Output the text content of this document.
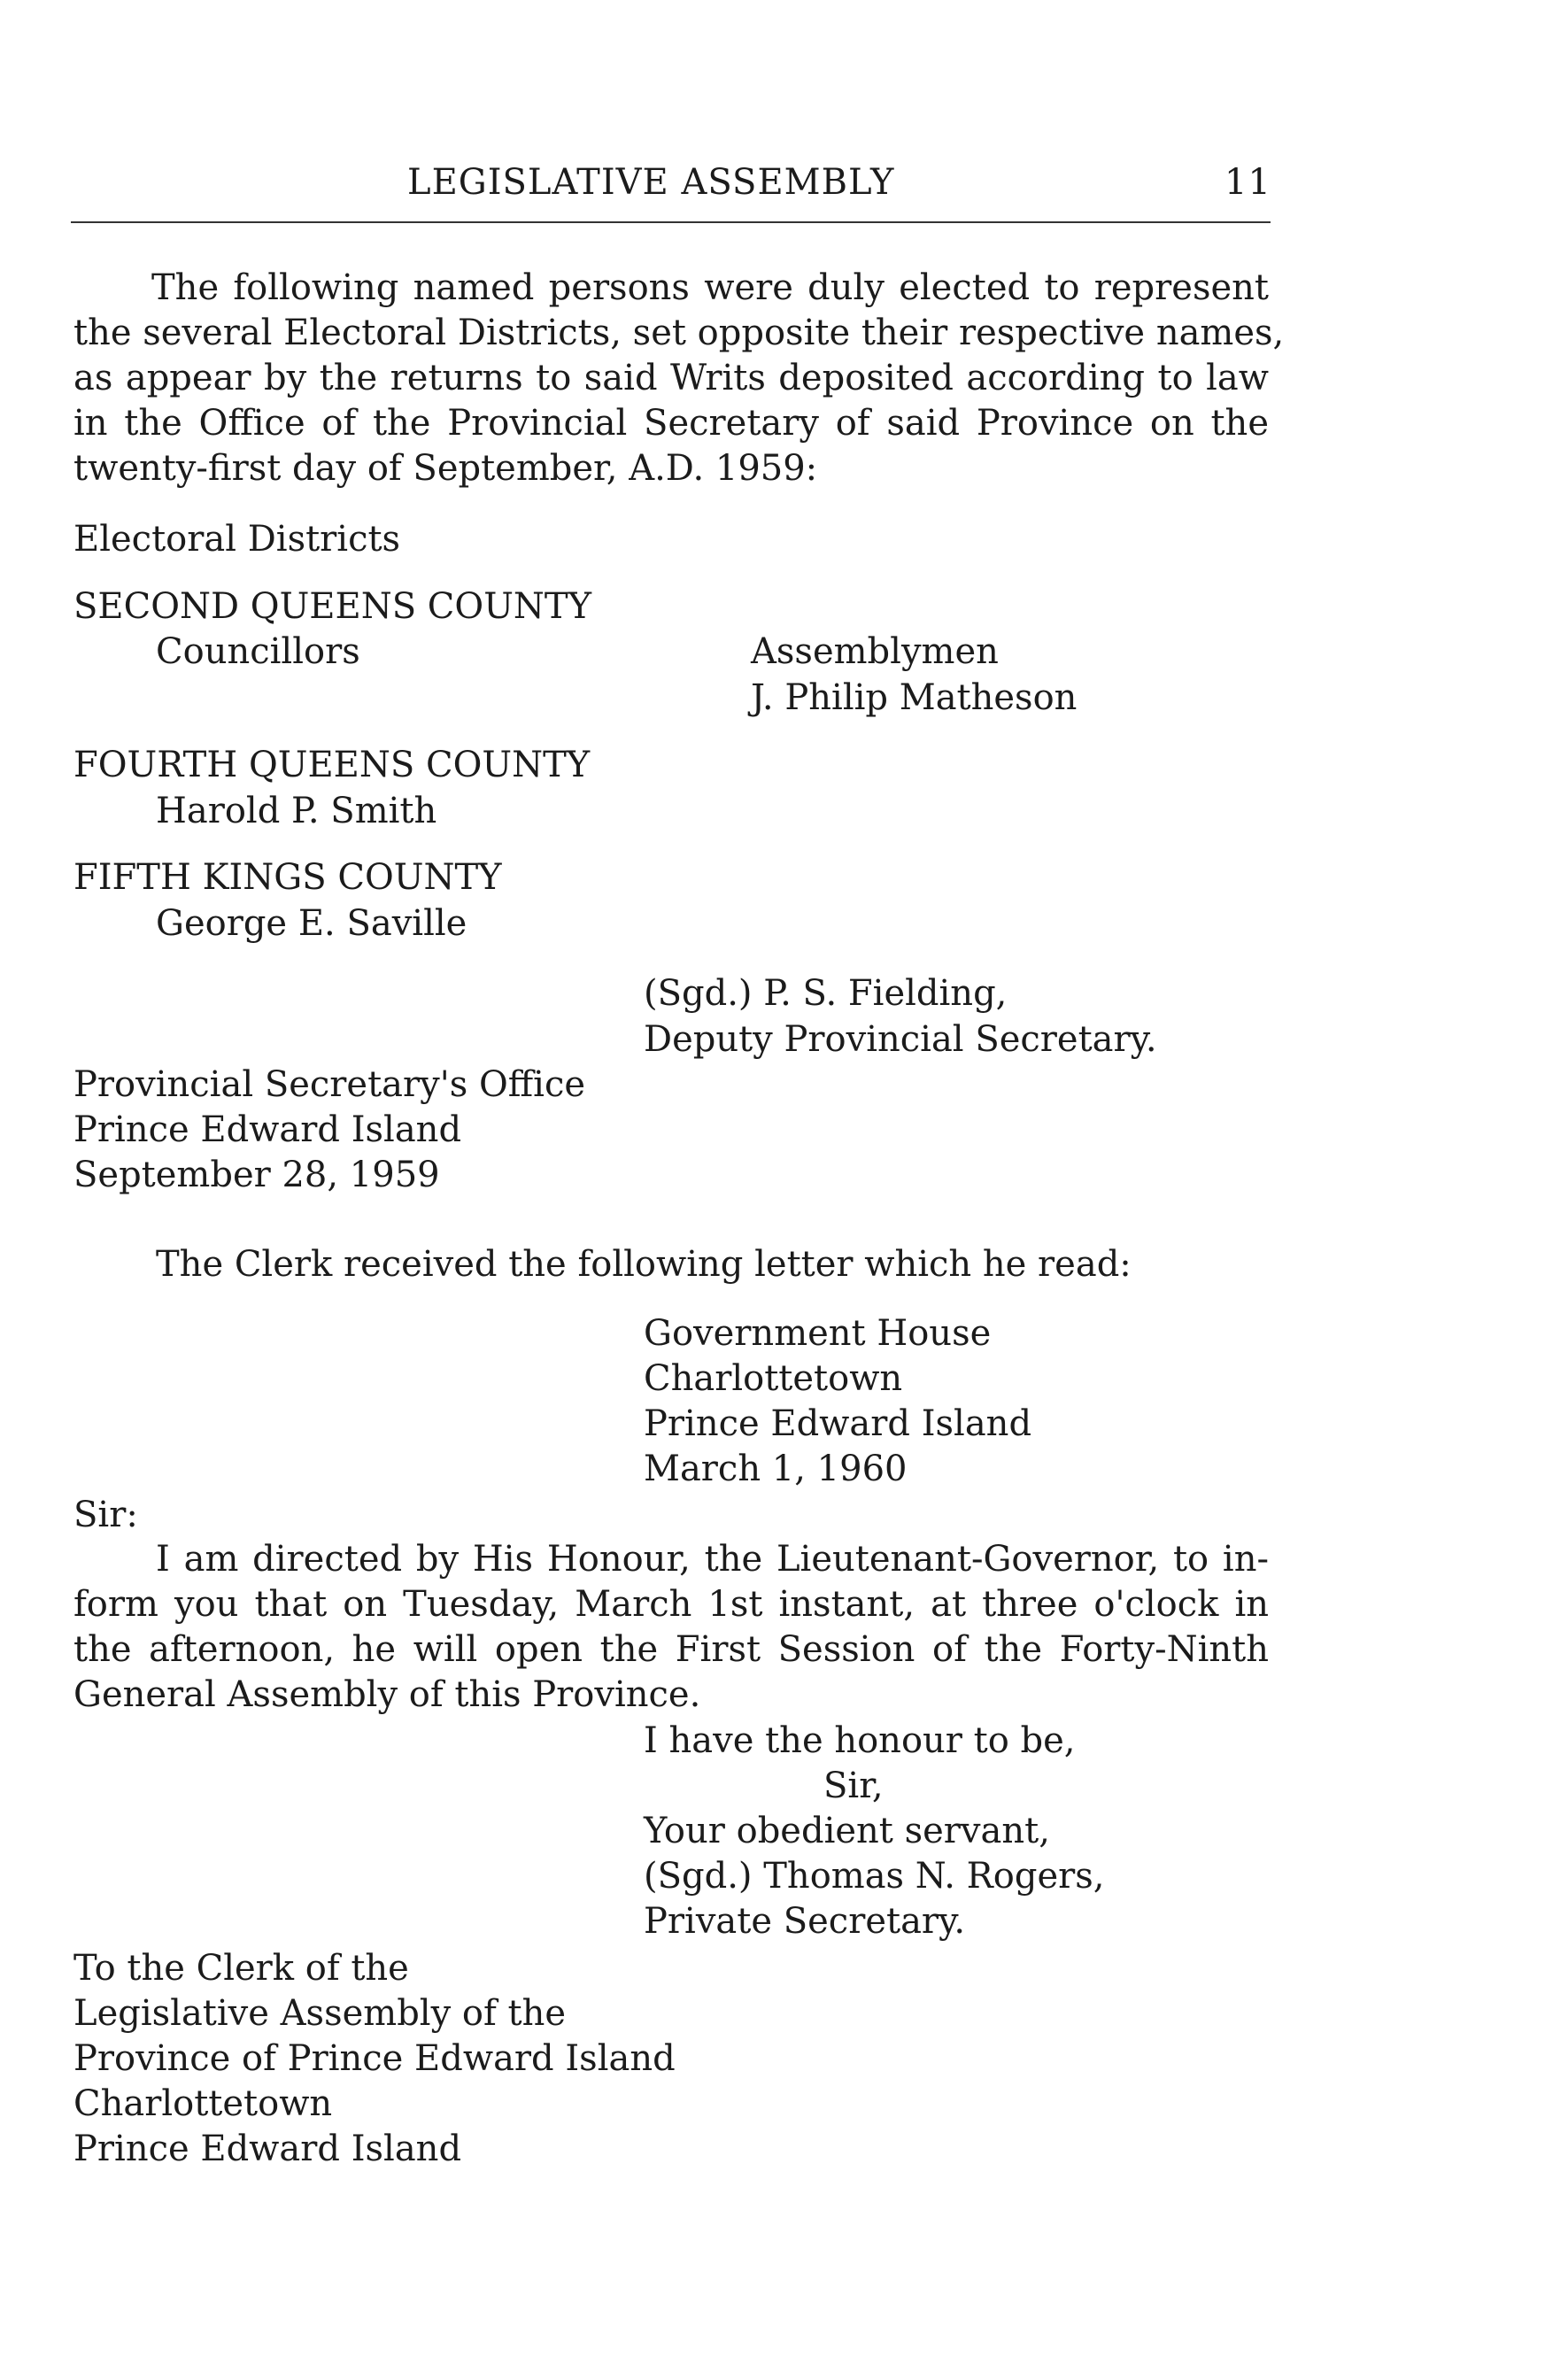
LEGISLATIVE ASSEMBLY	11
The following named persons were duly elected to represent
the several Electoral Districts, set opposite their respective names,
as appear by the returns to said Writs deposited according to law
in the Office of the Provincial Secretary of said Province on the
twenty-first day of September, A.D. 1959:
Electoral Districts
SECOND QUEENS COUNTY
Councillors	Assemblymen
J. Philip Matheson
FOURTH QUEENS COUNTY
Harold P. Smith
FIFTH KINGS COUNTY
George E. Saville
(Sgd.) P. S. Fielding,
Deputy Provincial Secretary.
Provincial Secretary's Office
Prince Edward Island
September 28, 1959
The Clerk received the following letter which he read:
Government House
Charlottetown
Prince Edward Island
March 1, 1960
Sir:
I am directed by His Honour, the Lieutenant-Governor, to in-
form you that on Tuesday, March 1st instant, at three o'clock in
the afternoon, he will open the First Session of the Forty-Ninth
General Assembly of this Province.
I have the honour to be,
Sir,
Your obedient servant,
(Sgd.) Thomas N. Rogers,
Private Secretary.
To the Clerk of the
Legislative Assembly of the
Province of Prince Edward Island
Charlottetown
Prince Edward Island
